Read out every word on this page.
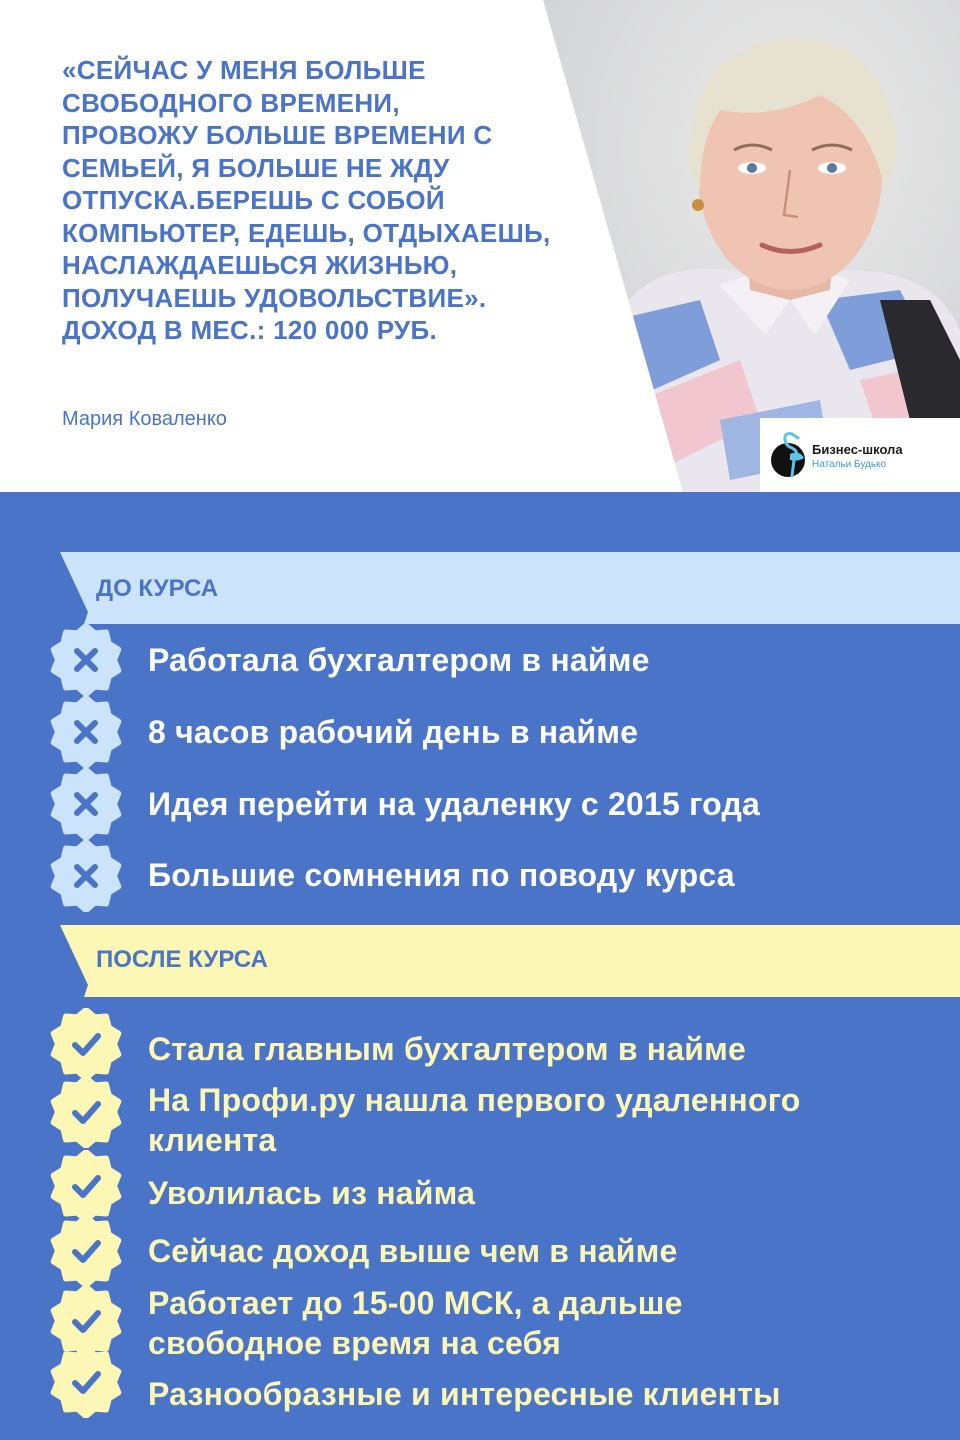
«СЕЙЧАС У МЕНЯ БОЛЬШЕ
СВОБОДНОГО ВРЕМЕНИ,
ПРОВОЖУ БОЛЬШЕ ВРЕМЕНИ С
СЕМЬЕЙ, Я БОЛЬШЕ НЕ ЖДУ
ОТПУСКА.БЕРЕШЬ С СОБОЙ
КОМПЬЮТЕР, ЕДЕШЬ, ОТДЫХАЕШЬ,
НАСЛАЖДАЕШЬСЯ ЖИЗНЬЮ,
ПОЛУЧАЕШЬ УДОВОЛЬСТВИЕ».
ДОХОД В МЕС.: 120 000 РУБ.

Мария Коваленко

Бизнес-школа
Натальи Будько
ДО КУРСА

Работала бухгалтером в найме

8 часов рабочий день в найме

Идея перейти на удаленку с 2015 года

Большие сомнения по поводу курса

ПОСЛЕ КУРСА

Стала главным бухгалтером в найме

На Профи.ру нашла первого удаленного
клиента

Уволилась из найма

Сейчас доход выше чем в найме

Работает до 15-00 МСК, а дальше
свободное время на себя

Разнообразные и интересные клиенты
